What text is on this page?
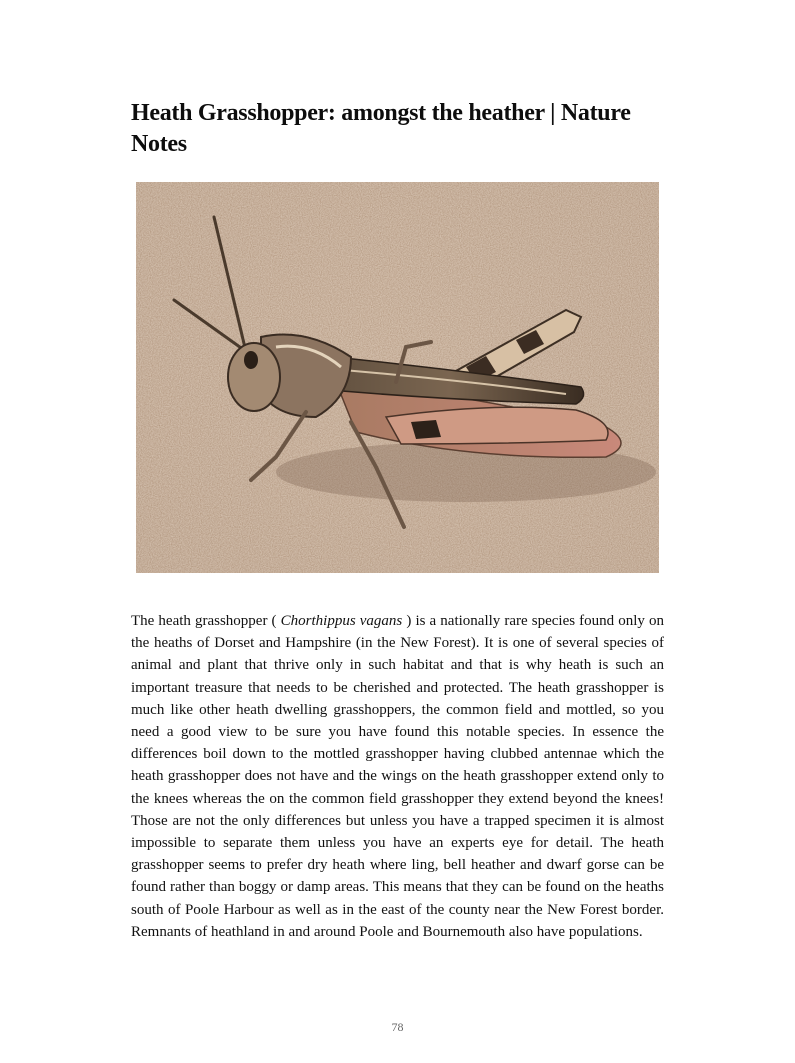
Heath Grasshopper: amongst the heather | Nature Notes

The heath grasshopper ( Chorthippus vagans ) is a nationally rare species found only on the heaths of Dorset and Hampshire (in the New Forest). It is one of several species of animal and plant that thrive only in such habitat and that is why heath is such an important treasure that needs to be cherished and protected. The heath grasshopper is much like other heath dwelling grasshoppers, the common field and mottled, so you need a good view to be sure you have found this notable species. In essence the differences boil down to the mottled grasshopper having clubbed antennae which the heath grasshopper does not have and the wings on the heath grasshopper extend only to the knees whereas the on the common field grasshopper they extend beyond the knees! Those are not the only differences but unless you have a trapped specimen it is almost impossible to separate them unless you have an experts eye for detail. The heath grasshopper seems to prefer dry heath where ling, bell heather and dwarf gorse can be found rather than boggy or damp areas. This means that they can be found on the heaths south of Poole Harbour as well as in the east of the county near the New Forest border. Remnants of heathland in and around Poole and Bournemouth also have populations.

78
